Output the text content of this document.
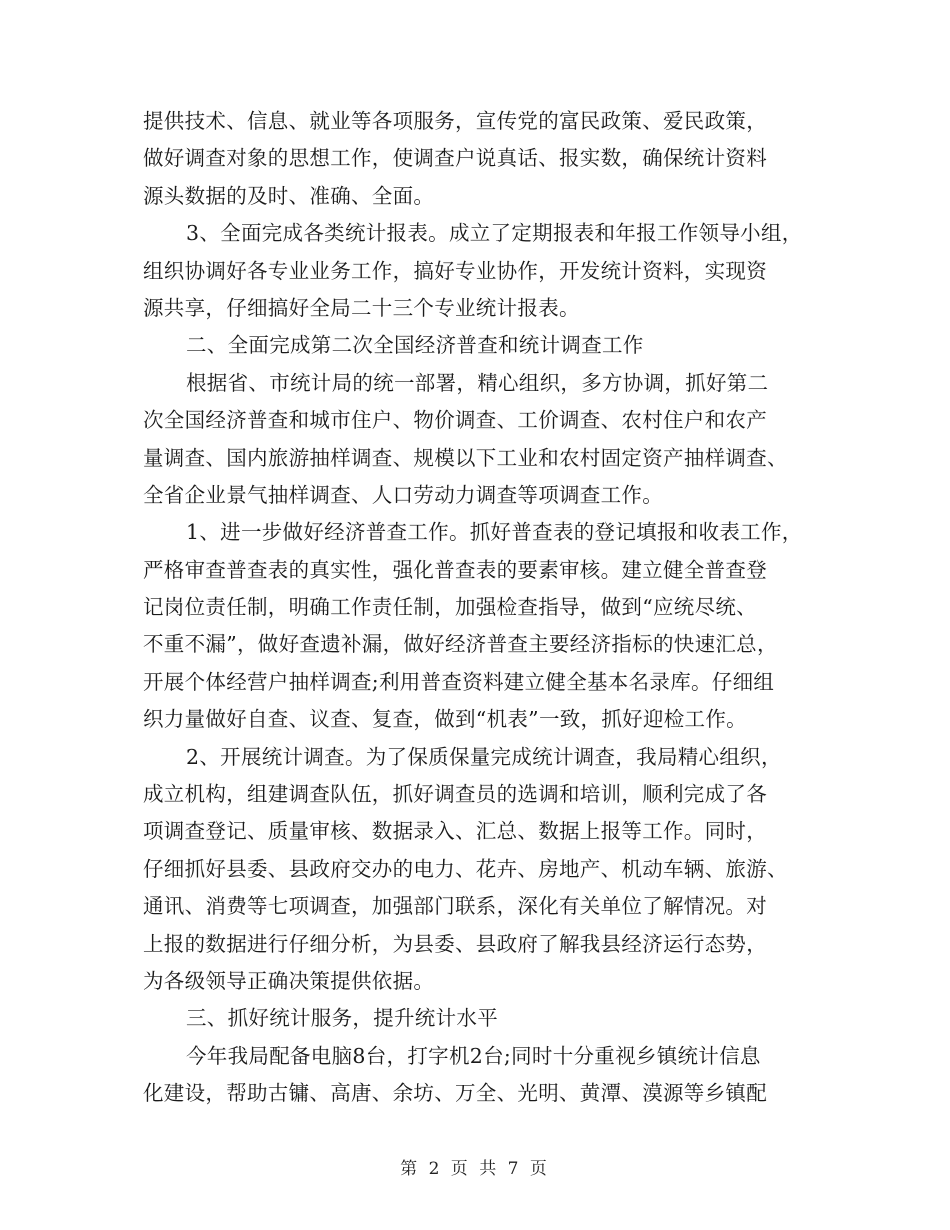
提供技术、信息、就业等各项服务，宣传党的富民政策、爱民政策，
做好调查对象的思想工作，使调查户说真话、报实数，确保统计资料
源头数据的及时、准确、全面。
3、全面完成各类统计报表。成立了定期报表和年报工作领导小组，
组织协调好各专业业务工作，搞好专业协作，开发统计资料，实现资
源共享，仔细搞好全局二十三个专业统计报表。
二、全面完成第二次全国经济普查和统计调查工作
根据省、市统计局的统一部署，精心组织，多方协调，抓好第二
次全国经济普查和城市住户、物价调查、工价调查、农村住户和农产
量调查、国内旅游抽样调查、规模以下工业和农村固定资产抽样调查、
全省企业景气抽样调查、人口劳动力调查等项调查工作。
1、进一步做好经济普查工作。抓好普查表的登记填报和收表工作，
严格审查普查表的真实性，强化普查表的要素审核。建立健全普查登
记岗位责任制，明确工作责任制，加强检查指导，做到“应统尽统、
不重不漏”，做好查遗补漏，做好经济普查主要经济指标的快速汇总，
开展个体经营户抽样调查;利用普查资料建立健全基本名录库。仔细组
织力量做好自查、议查、复查，做到“机表”一致，抓好迎检工作。
2、开展统计调查。为了保质保量完成统计调查，我局精心组织，
成立机构，组建调查队伍，抓好调查员的选调和培训，顺利完成了各
项调查登记、质量审核、数据录入、汇总、数据上报等工作。同时，
仔细抓好县委、县政府交办的电力、花卉、房地产、机动车辆、旅游、
通讯、消费等七项调查，加强部门联系，深化有关单位了解情况。对
上报的数据进行仔细分析，为县委、县政府了解我县经济运行态势，
为各级领导正确决策提供依据。
三、抓好统计服务，提升统计水平
今年我局配备电脑8台，打字机2台;同时十分重视乡镇统计信息
化建设，帮助古镛、高唐、余坊、万全、光明、黄潭、漠源等乡镇配
第 2 页 共 7 页
